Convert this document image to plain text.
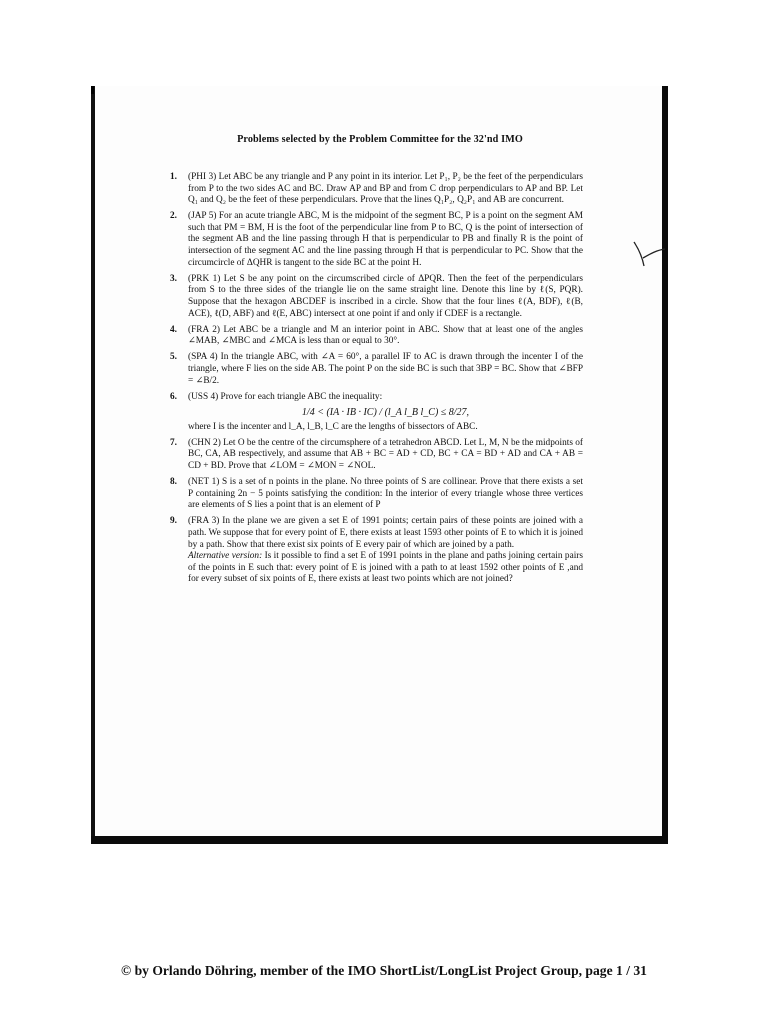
Problems selected by the Problem Committee for the 32'nd IMO
1. (PHI 3) Let ABC be any triangle and P any point in its interior. Let P₁, P₂ be the feet of the perpendiculars from P to the two sides AC and BC. Draw AP and BP and from C drop perpendiculars to AP and BP. Let Q₁ and Q₂ be the feet of these perpendiculars. Prove that the lines Q₁P₂, Q₂P₁ and AB are concurrent.
2. (JAP 5) For an acute triangle ABC, M is the midpoint of the segment BC, P is a point on the segment AM such that PM = BM, H is the foot of the perpendicular line from P to BC, Q is the point of intersection of the segment AB and the line passing through H that is perpendicular to PB and finally R is the point of intersection of the segment AC and the line passing through H that is perpendicular to PC. Show that the circumcircle of ΔQHR is tangent to the side BC at the point H.
3. (PRK 1) Let S be any point on the circumscribed circle of ΔPQR. Then the feet of the perpendiculars from S to the three sides of the triangle lie on the same straight line. Denote this line by ℓ(S, PQR). Suppose that the hexagon ABCDEF is inscribed in a circle. Show that the four lines ℓ(A, BDF), ℓ(B, ACE), ℓ(D, ABF) and ℓ(E, ABC) intersect at one point if and only if CDEF is a rectangle.
4. (FRA 2) Let ABC be a triangle and M an interior point in ABC. Show that at least one of the angles ∠MAB, ∠MBC and ∠MCA is less than or equal to 30°.
5. (SPA 4) In the triangle ABC, with ∠A = 60°, a parallel IF to AC is drawn through the incenter I of the triangle, where F lies on the side AB. The point P on the side BC is such that 3BP = BC. Show that ∠BFP = ∠B/2.
6. (USS 4) Prove for each triangle ABC the inequality:
1/4 < (IA · IB · IC) / (l_A l_B l_C) ≤ 8/27,
where I is the incenter and l_A, l_B, l_C are the lengths of bissectors of ABC.
7. (CHN 2) Let O be the centre of the circumsphere of a tetrahedron ABCD. Let L, M, N be the midpoints of BC, CA, AB respectively, and assume that AB + BC = AD + CD, BC + CA = BD + AD and CA + AB = CD + BD. Prove that ∠LOM = ∠MON = ∠NOL.
8. (NET 1) S is a set of n points in the plane. No three points of S are collinear. Prove that there exists a set P containing 2n − 5 points satisfying the condition: In the interior of every triangle whose three vertices are elements of S lies a point that is an element of P
9. (FRA 3) In the plane we are given a set E of 1991 points; certain pairs of these points are joined with a path. We suppose that for every point of E, there exists at least 1593 other points of E to which it is joined by a path. Show that there exist six points of E every pair of which are joined by a path.
Alternative version: Is it possible to find a set E of 1991 points in the plane and paths joining certain pairs of the points in E such that: every point of E is joined with a path to at least 1592 other points of E ,and for every subset of six points of E, there exists at least two points which are not joined?
© by Orlando Döhring, member of the IMO ShortList/LongList Project Group, page 1 / 31
